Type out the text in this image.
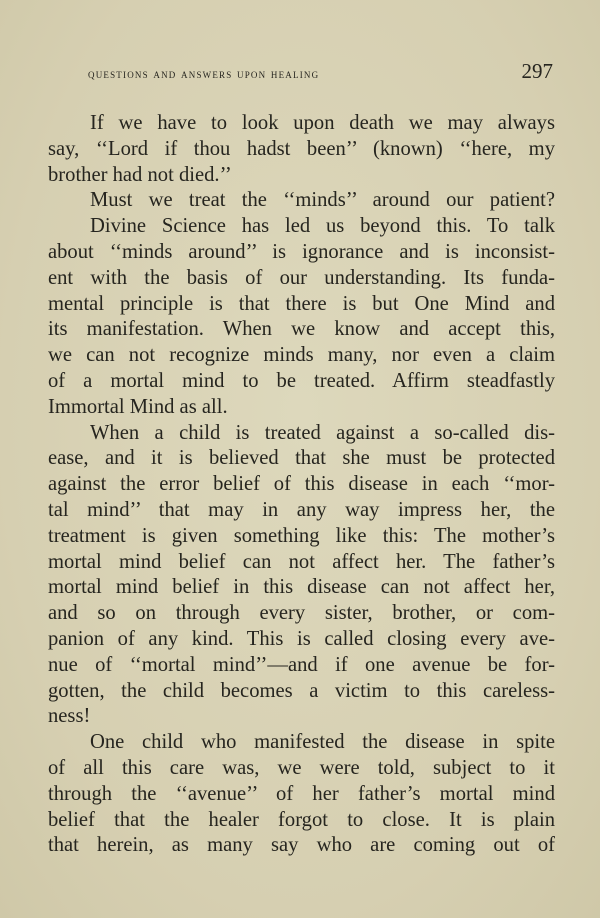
questions and answers upon healing	297
If we have to look upon death we may always
say, ‘‘Lord if thou hadst been’’ (known) ‘‘here, my
brother had not died.’’
Must we treat the ‘‘minds’’ around our patient?
Divine Science has led us beyond this. To talk
about ‘‘minds around’’ is ignorance and is inconsist-
ent with the basis of our understanding. Its funda-
mental principle is that there is but One Mind and
its manifestation. When we know and accept this,
we can not recognize minds many, nor even a claim
of a mortal mind to be treated. Affirm steadfastly
Immortal Mind as all.
When a child is treated against a so-called dis-
ease, and it is believed that she must be protected
against the error belief of this disease in each ‘‘mor-
tal mind’’ that may in any way impress her, the
treatment is given something like this: The mother’s
mortal mind belief can not affect her. The father’s
mortal mind belief in this disease can not affect her,
and so on through every sister, brother, or com-
panion of any kind. This is called closing every ave-
nue of ‘‘mortal mind’’—and if one avenue be for-
gotten, the child becomes a victim to this careless-
ness!
One child who manifested the disease in spite
of all this care was, we were told, subject to it
through the ‘‘avenue’’ of her father’s mortal mind
belief that the healer forgot to close. It is plain
that herein, as many say who are coming out of
